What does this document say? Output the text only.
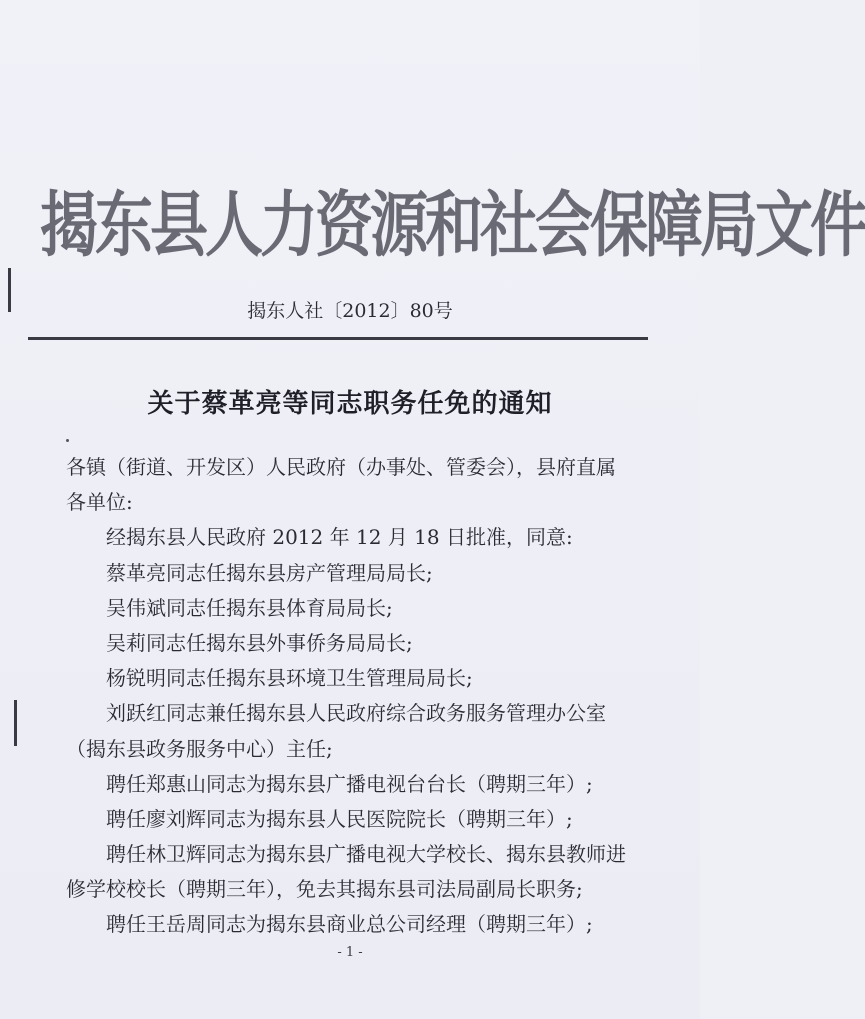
揭东县人力资源和社会保障局文件
揭东人社〔2012〕80号
关于蔡革亮等同志职务任免的通知
各镇（街道、开发区）人民政府（办事处、管委会），县府直属
各单位:
经揭东县人民政府 2012 年 12 月 18 日批准，同意:
蔡革亮同志任揭东县房产管理局局长;
吴伟斌同志任揭东县体育局局长;
吴莉同志任揭东县外事侨务局局长;
杨锐明同志任揭东县环境卫生管理局局长;
刘跃红同志兼任揭东县人民政府综合政务服务管理办公室
（揭东县政务服务中心）主任;
聘任郑惠山同志为揭东县广播电视台台长（聘期三年）;
聘任廖刘辉同志为揭东县人民医院院长（聘期三年）;
聘任林卫辉同志为揭东县广播电视大学校长、揭东县教师进
修学校校长（聘期三年），免去其揭东县司法局副局长职务;
聘任王岳周同志为揭东县商业总公司经理（聘期三年）;
- 1 -
